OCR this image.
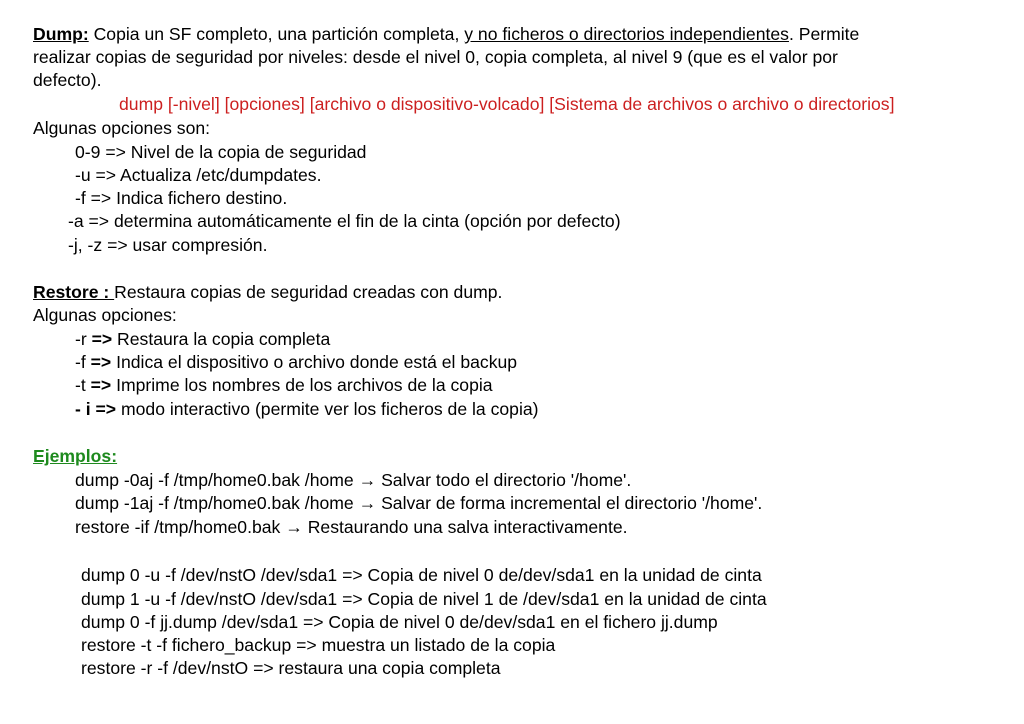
Dump: Copia un SF completo, una partición completa, y no ficheros o directorios independientes. Permite
realizar copias de seguridad por niveles: desde el nivel 0, copia completa, al nivel 9 (que es el valor por
defecto).
dump [-nivel] [opciones] [archivo o dispositivo-volcado] [Sistema de archivos o archivo o directorios]
Algunas opciones son:
0-9 => Nivel de la copia de seguridad
-u => Actualiza /etc/dumpdates.
-f => Indica fichero destino.
-a => determina automáticamente el fin de la cinta (opción por defecto)
-j, -z => usar compresión.
Restore : Restaura copias de seguridad creadas con dump.
Algunas opciones:
-r => Restaura la copia completa
-f => Indica el dispositivo o archivo donde está el backup
-t => Imprime los nombres de los archivos de la copia
- i => modo interactivo (permite ver los ficheros de la copia)
Ejemplos:
dump -0aj -f /tmp/home0.bak /home → Salvar todo el directorio '/home'.
dump -1aj -f /tmp/home0.bak /home → Salvar de forma incremental el directorio '/home'.
restore -if /tmp/home0.bak → Restaurando una salva interactivamente.
dump 0 -u -f /dev/nstO /dev/sda1 => Copia de nivel 0 de/dev/sda1 en la unidad de cinta
dump 1 -u -f /dev/nstO /dev/sda1 => Copia de nivel 1 de /dev/sda1 en la unidad de cinta
dump 0 -f jj.dump /dev/sda1 => Copia de nivel 0 de/dev/sda1 en el fichero jj.dump
restore -t -f fichero_backup => muestra un listado de la copia
restore -r -f /dev/nstO => restaura una copia completa
